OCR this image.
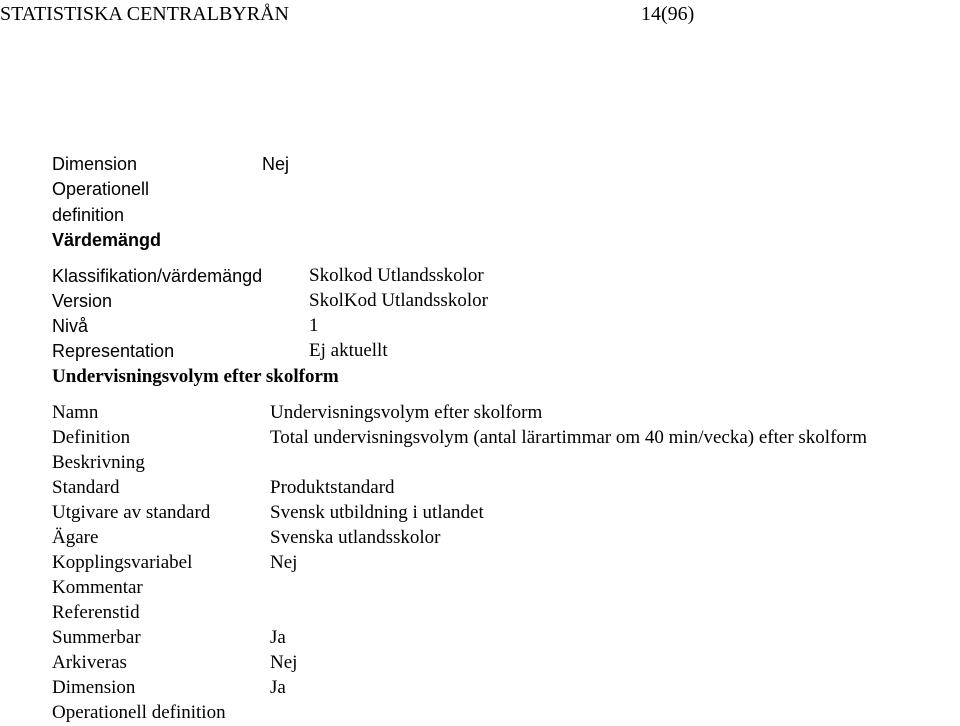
STATISTISKA CENTRALBYRÅN	14(96)
Dimension	Nej
Operationell
definition
Värdemängd
Klassifikation/värdemängd Skolkod Utlandsskolor
Version	SkolKod Utlandsskolor
Nivå	1
Representation	Ej aktuellt
Undervisningsvolym efter skolform
Namn	Undervisningsvolym efter skolform
Definition	Total undervisningsvolym (antal lärartimmar om 40 min/vecka) efter skolform
Beskrivning
Standard	Produktstandard
Utgivare av standard	Svensk utbildning i utlandet
Ägare	Svenska utlandsskolor
Kopplingsvariabel	Nej
Kommentar
Referenstid
Summerbar	Ja
Arkiveras	Nej
Dimension	Ja
Operationell definition
